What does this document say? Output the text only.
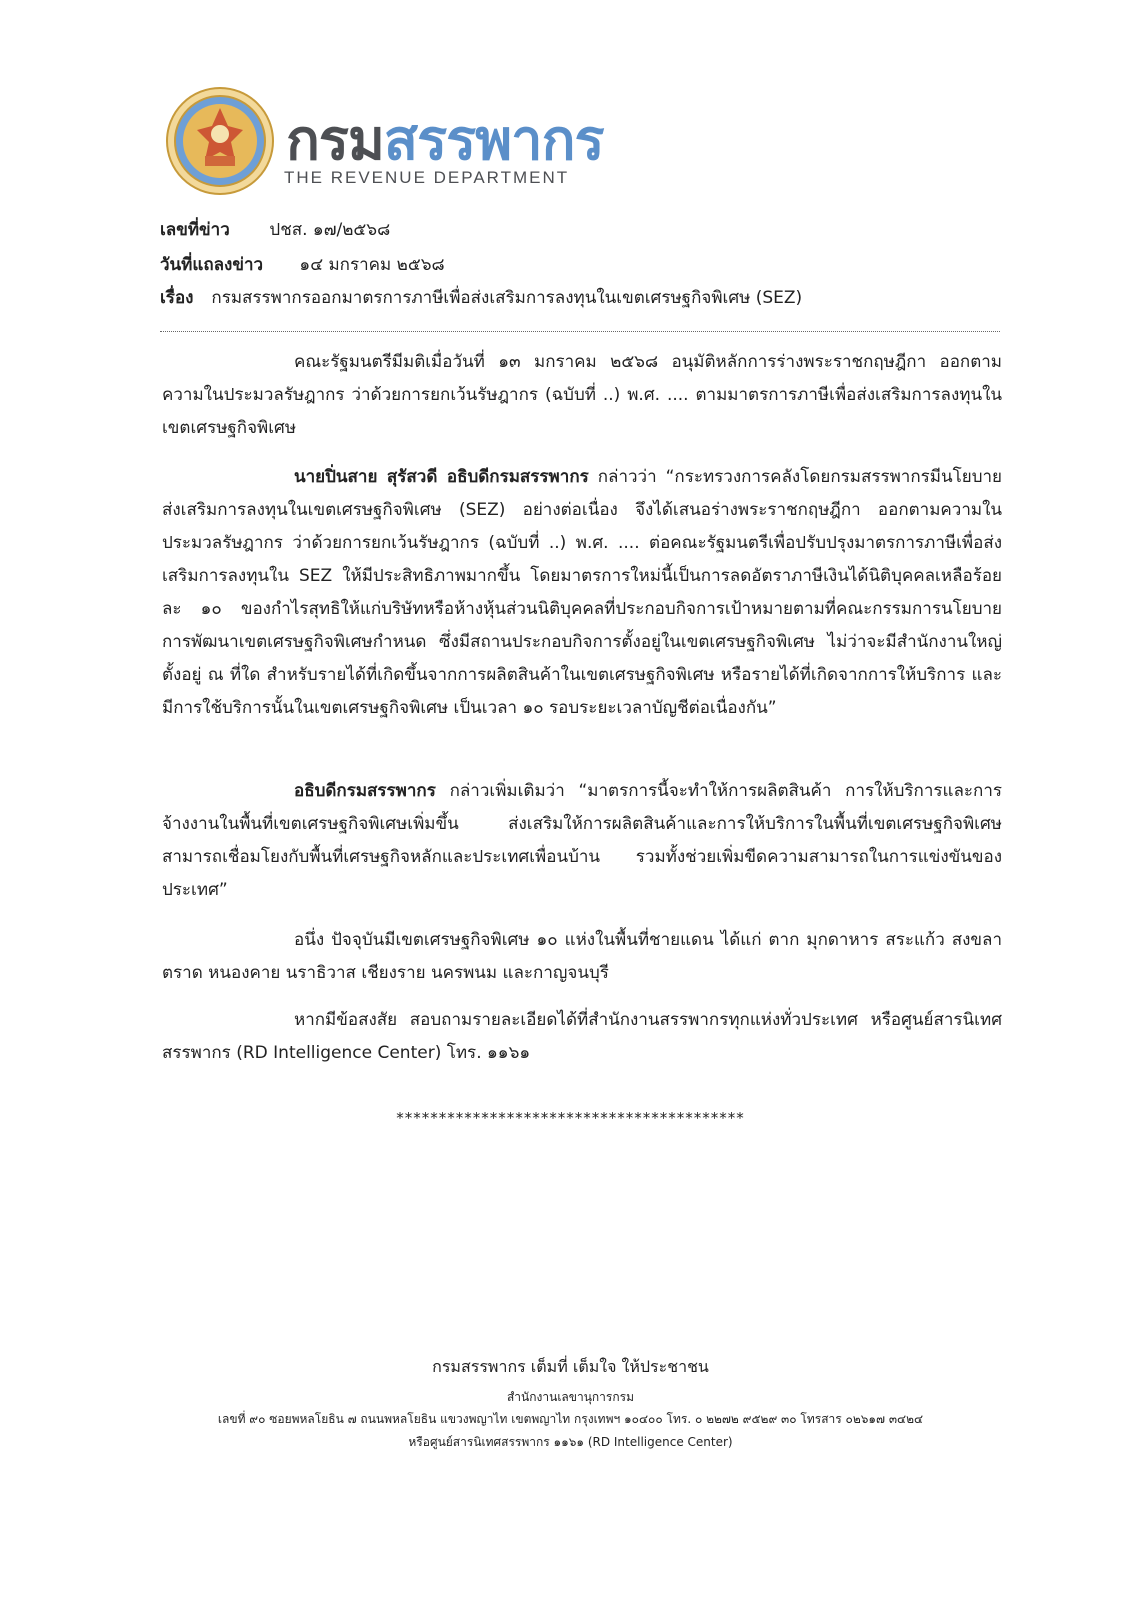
กรมสรรพากร
THE REVENUE DEPARTMENT
เลขที่ข่าว ปชส. ๑๗/๒๕๖๘
วันที่แถลงข่าว ๑๔ มกราคม ๒๕๖๘
เรื่อง กรมสรรพากรออกมาตรการภาษีเพื่อส่งเสริมการลงทุนในเขตเศรษฐกิจพิเศษ (SEZ)

คณะรัฐมนตรีมีมติเมื่อวันที่ ๑๓ มกราคม ๒๕๖๘ อนุมัติหลักการร่างพระราชกฤษฎีกา ออกตามความในประมวลรัษฎากร ว่าด้วยการยกเว้นรัษฎากร (ฉบับที่ ..) พ.ศ. .... ตามมาตรการภาษีเพื่อส่งเสริมการลงทุนในเขตเศรษฐกิจพิเศษ

นายปิ่นสาย สุรัสวดี อธิบดีกรมสรรพากร กล่าวว่า “กระทรวงการคลังโดยกรมสรรพากรมีนโยบายส่งเสริมการลงทุนในเขตเศรษฐกิจพิเศษ (SEZ) อย่างต่อเนื่อง จึงได้เสนอร่างพระราชกฤษฎีกา ออกตามความในประมวลรัษฎากร ว่าด้วยการยกเว้นรัษฎากร (ฉบับที่ ..) พ.ศ. .... ต่อคณะรัฐมนตรีเพื่อปรับปรุงมาตรการภาษีเพื่อส่งเสริมการลงทุนใน SEZ ให้มีประสิทธิภาพมากขึ้น โดยมาตรการใหม่นี้เป็นการลดอัตราภาษีเงินได้นิติบุคคลเหลือร้อยละ ๑๐ ของกำไรสุทธิให้แก่บริษัทหรือห้างหุ้นส่วนนิติบุคคลที่ประกอบกิจการเป้าหมายตามที่คณะกรรมการนโยบายการพัฒนาเขตเศรษฐกิจพิเศษกำหนด ซึ่งมีสถานประกอบกิจการตั้งอยู่ในเขตเศรษฐกิจพิเศษ ไม่ว่าจะมีสำนักงานใหญ่ตั้งอยู่ ณ ที่ใด สำหรับรายได้ที่เกิดขึ้นจากการผลิตสินค้าในเขตเศรษฐกิจพิเศษ หรือรายได้ที่เกิดจากการให้บริการ และมีการใช้บริการนั้นในเขตเศรษฐกิจพิเศษ เป็นเวลา ๑๐ รอบระยะเวลาบัญชีต่อเนื่องกัน”

อธิบดีกรมสรรพากร กล่าวเพิ่มเติมว่า “มาตรการนี้จะทำให้การผลิตสินค้า การให้บริการและการจ้างงานในพื้นที่เขตเศรษฐกิจพิเศษเพิ่มขึ้น ส่งเสริมให้การผลิตสินค้าและการให้บริการในพื้นที่เขตเศรษฐกิจพิเศษสามารถเชื่อมโยงกับพื้นที่เศรษฐกิจหลักและประเทศเพื่อนบ้าน รวมทั้งช่วยเพิ่มขีดความสามารถในการแข่งขันของประเทศ”

อนึ่ง ปัจจุบันมีเขตเศรษฐกิจพิเศษ ๑๐ แห่งในพื้นที่ชายแดน ได้แก่ ตาก มุกดาหาร สระแก้ว สงขลา ตราด หนองคาย นราธิวาส เชียงราย นครพนม และกาญจนบุรี

หากมีข้อสงสัย สอบถามรายละเอียดได้ที่สำนักงานสรรพากรทุกแห่งทั่วประเทศ หรือศูนย์สารนิเทศสรรพากร (RD Intelligence Center) โทร. ๑๑๖๑

*****************************************
กรมสรรพากร เต็มที่ เต็มใจ ให้ประชาชน
สำนักงานเลขานุการกรม
เลขที่ ๙๐ ซอยพหลโยธิน ๗ ถนนพหลโยธิน แขวงพญาไท เขตพญาไท กรุงเทพฯ ๑๐๔๐๐ โทร. ๐ ๒๒๗๒ ๙๕๒๙ ๓๐ โทรสาร ๐๒๖๑๗ ๓๔๒๔
หรือศูนย์สารนิเทศสรรพากร ๑๑๖๑ (RD Intelligence Center)
